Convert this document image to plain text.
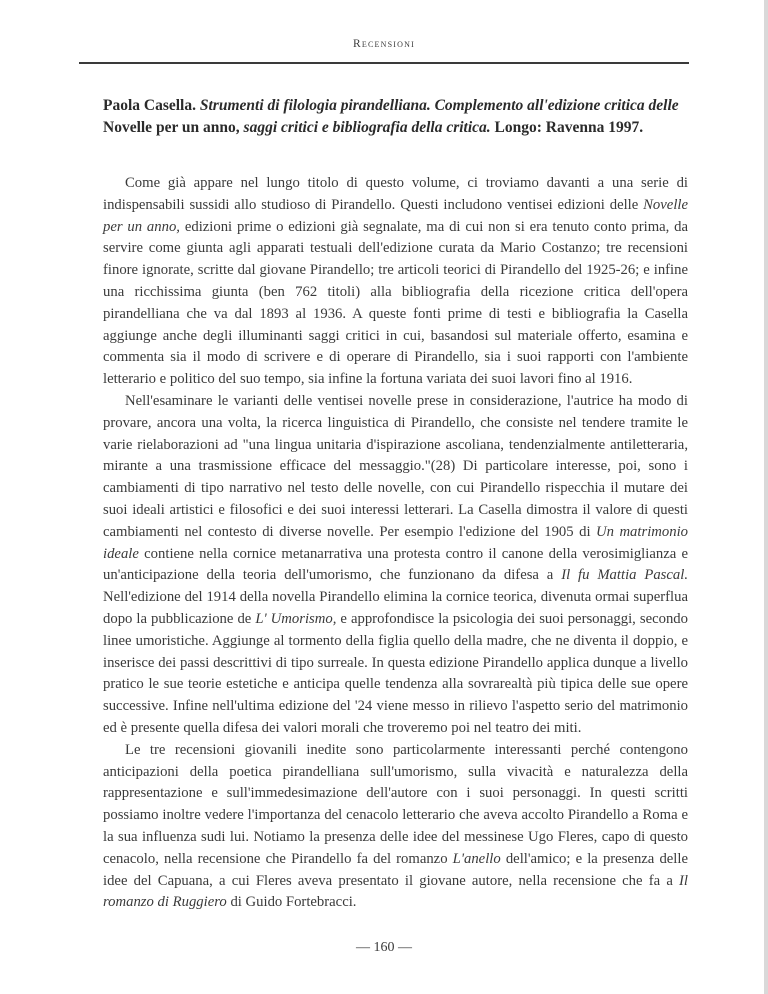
Recensioni
Paola Casella. Strumenti di filologia pirandelliana. Complemento all'edizione critica delle Novelle per un anno, saggi critici e bibliografia della critica. Longo: Ravenna 1997.

Come già appare nel lungo titolo di questo volume, ci troviamo davanti a una serie di indispensabili sussidi allo studioso di Pirandello. Questi includono ventisei edizioni delle Novelle per un anno, edizioni prime o edizioni già segnalate, ma di cui non si era tenuto conto prima, da servire come giunta agli apparati testuali dell'edizione curata da Mario Costanzo; tre recensioni finore ignorate, scritte dal giovane Pirandello; tre articoli teorici di Pirandello del 1925-26; e infine una ricchissima giunta (ben 762 titoli) alla bibliografia della ricezione critica dell'opera pirandelliana che va dal 1893 al 1936. A queste fonti prime di testi e bibliografia la Casella aggiunge anche degli illuminanti saggi critici in cui, basandosi sul materiale offerto, esamina e commenta sia il modo di scrivere e di operare di Pirandello, sia i suoi rapporti con l'ambiente letterario e politico del suo tempo, sia infine la fortuna variata dei suoi lavori fino al 1916.

Nell'esaminare le varianti delle ventisei novelle prese in considerazione, l'autrice ha modo di provare, ancora una volta, la ricerca linguistica di Pirandello, che consiste nel tendere tramite le varie rielaborazioni ad "una lingua unitaria d'ispirazione ascoliana, tendenzialmente antiletteraria, mirante a una trasmissione efficace del messaggio."(28) Di particolare interesse, poi, sono i cambiamenti di tipo narrativo nel testo delle novelle, con cui Pirandello rispecchia il mutare dei suoi ideali artistici e filosofici e dei suoi interessi letterari. La Casella dimostra il valore di questi cambiamenti nel contesto di diverse novelle. Per esempio l'edizione del 1905 di Un matrimonio ideale contiene nella cornice metanarrativa una protesta contro il canone della verosimiglianza e un'anticipazione della teoria dell'umorismo, che funzionano da difesa a Il fu Mattia Pascal. Nell'edizione del 1914 della novella Pirandello elimina la cornice teorica, divenuta ormai superflua dopo la pubblicazione de L' Umorismo, e approfondisce la psicologia dei suoi personaggi, secondo linee umoristiche. Aggiunge al tormento della figlia quello della madre, che ne diventa il doppio, e inserisce dei passi descrittivi di tipo surreale. In questa edizione Pirandello applica dunque a livello pratico le sue teorie estetiche e anticipa quelle tendenza alla sovrarealtà più tipica delle sue opere successive. Infine nell'ultima edizione del '24 viene messo in rilievo l'aspetto serio del matrimonio ed è presente quella difesa dei valori morali che troveremo poi nel teatro dei miti.

Le tre recensioni giovanili inedite sono particolarmente interessanti perché contengono anticipazioni della poetica pirandelliana sull'umorismo, sulla vivacità e naturalezza della rappresentazione e sull'immedesimazione dell'autore con i suoi personaggi. In questi scritti possiamo inoltre vedere l'importanza del cenacolo letterario che aveva accolto Pirandello a Roma e la sua influenza sudi lui. Notiamo la presenza delle idee del messinese Ugo Fleres, capo di questo cenacolo, nella recensione che Pirandello fa del romanzo L'anello dell'amico; e la presenza delle idee del Capuana, a cui Fleres aveva presentato il giovane autore, nella recensione che fa a Il romanzo di Ruggiero di Guido Fortebracci.

— 160 —
